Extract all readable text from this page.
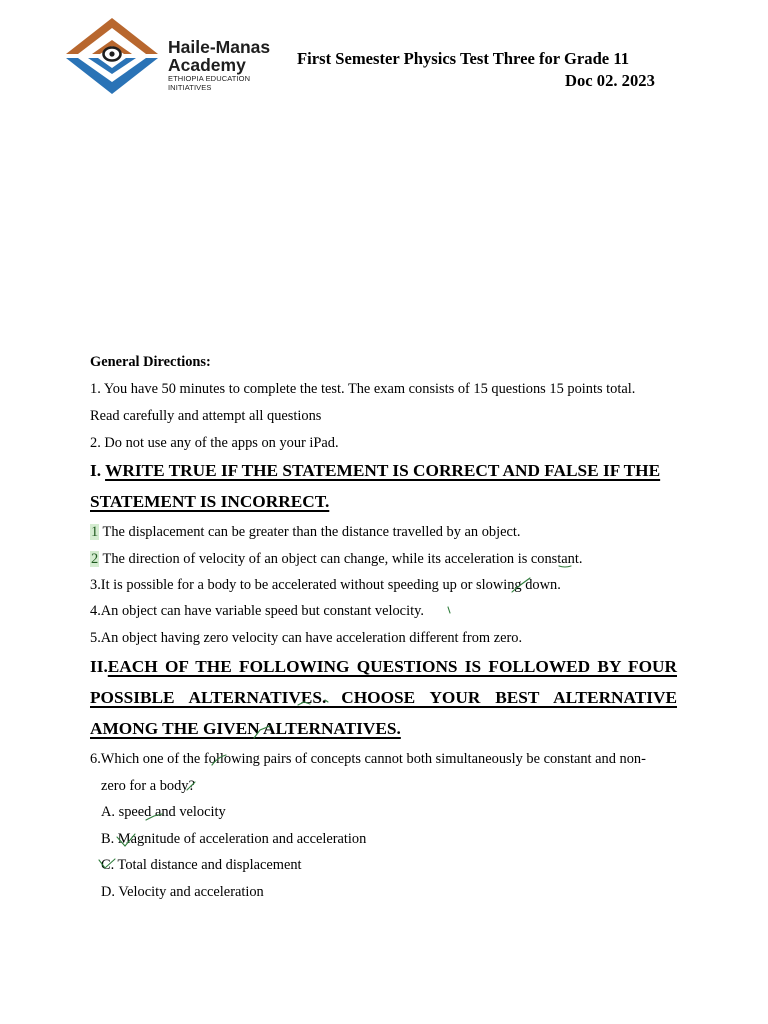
Haile-Manas
Academy
ETHIOPIA EDUCATION
INITIATIVES
First Semester Physics Test Three for Grade 11
Doc 02. 2023
General Directions:
1. You have 50 minutes to complete the test. The exam consists of 15 questions 15 points total.
Read carefully and attempt all questions
2. Do not use any of the apps on your iPad.
I. WRITE TRUE IF THE STATEMENT IS CORRECT AND FALSE IF THE
STATEMENT IS INCORRECT.
1 The displacement can be greater than the distance travelled by an object.
2 The direction of velocity of an object can change, while its acceleration is constant.
3.It is possible for a body to be accelerated without speeding up or slowing down.
4.An object can have variable speed but constant velocity.
5.An object having zero velocity can have acceleration different from zero.
II.EACH OF THE FOLLOWING QUESTIONS IS FOLLOWED BY FOUR
POSSIBLE ALTERNATIVES. CHOOSE YOUR BEST ALTERNATIVE
AMONG THE GIVEN ALTERNATIVES.
6.Which one of the following pairs of concepts cannot both simultaneously be constant and non-
zero for a body?
A. speed and velocity
B. Magnitude of acceleration and acceleration
C. Total distance and displacement
D. Velocity and acceleration
